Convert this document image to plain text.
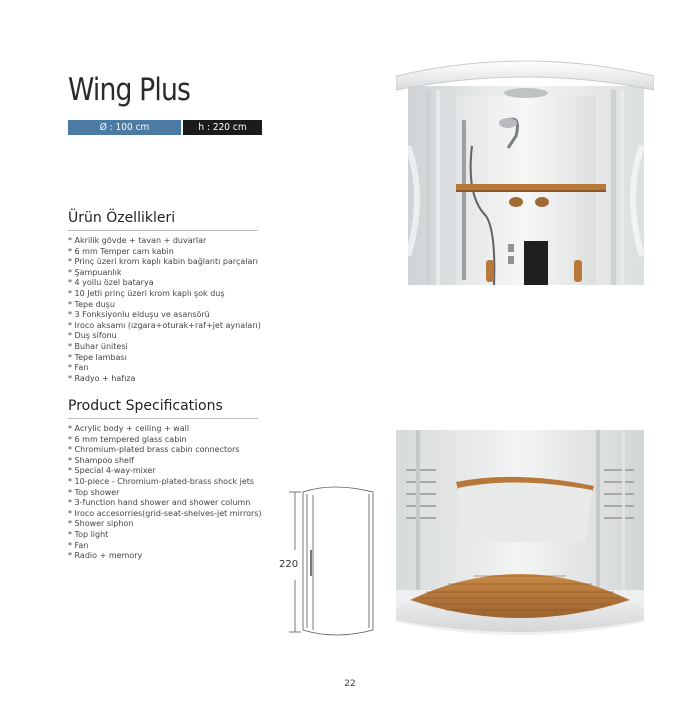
Wing Plus
Ø : 100 cm	h : 220 cm
Ürün Özellikleri
* Akrilik gövde + tavan + duvarlar
* 6 mm Temper cam kabin
* Prinç üzeri krom kaplı kabin bağlantı parçaları
* Şampuanlık
* 4 yollu özel batarya
* 10 Jetli prinç üzeri krom kaplı şok duş
* Tepe duşu
* 3 Fonksiyonlu elduşu ve asansörü
* Iroco aksamı (ızgara+oturak+raf+jet aynaları)
* Duş sifonu
* Buhar ünitesi
* Tepe lambası
* Fan
* Radyo + hafıza
Product Specifications
* Acrylic body + ceiling + wall
* 6 mm tempered glass cabin
* Chromium-plated brass cabin connectors
* Shampoo shelf
* Special 4-way-mixer
* 10-piece - Chromium-plated-brass shock jets
* Top shower
* 3-function hand shower and shower column
* Iroco accesorries(grid-seat-shelves-jet mirrors)
* Shower siphon
* Top light
* Fan
* Radio + memory
220
22
